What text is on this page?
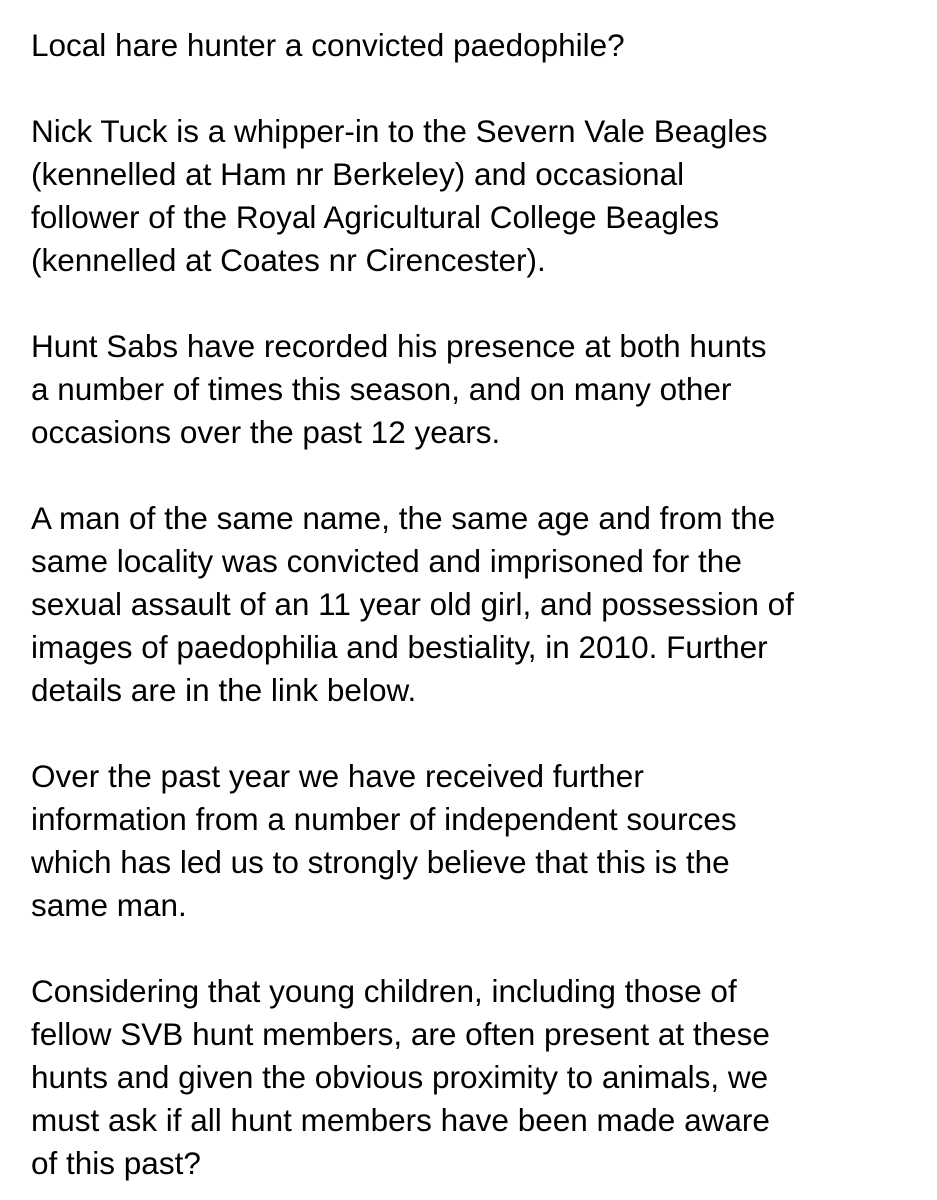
Local hare hunter a convicted paedophile?

Nick Tuck is a whipper-in to the Severn Vale Beagles
(kennelled at Ham nr Berkeley) and occasional
follower of the Royal Agricultural College Beagles
(kennelled at Coates nr Cirencester).

Hunt Sabs have recorded his presence at both hunts
a number of times this season, and on many other
occasions over the past 12 years.

A man of the same name, the same age and from the
same locality was convicted and imprisoned for the
sexual assault of an 11 year old girl, and possession of
images of paedophilia and bestiality, in 2010. Further
details are in the link below.

Over the past year we have received further
information from a number of independent sources
which has led us to strongly believe that this is the
same man.

Considering that young children, including those of
fellow SVB hunt members, are often present at these
hunts and given the obvious proximity to animals, we
must ask if all hunt members have been made aware
of this past?
